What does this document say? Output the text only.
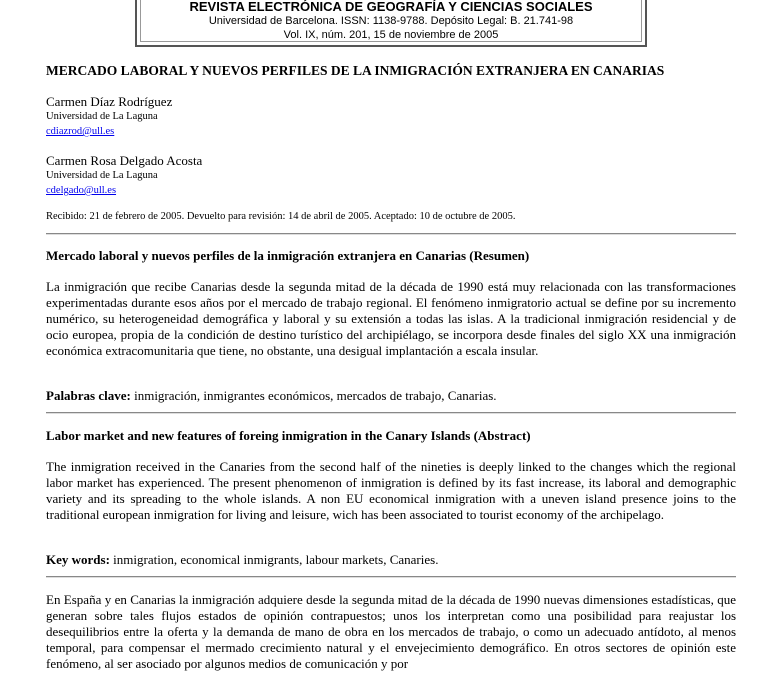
REVISTA ELECTRÓNICA DE GEOGRAFÍA Y CIENCIAS SOCIALES
Universidad de Barcelona. ISSN: 1138-9788. Depósito Legal: B. 21.741-98
Vol. IX, núm. 201, 15 de noviembre de 2005
MERCADO LABORAL Y NUEVOS PERFILES DE LA INMIGRACIÓN EXTRANJERA EN CANARIAS
Carmen Díaz Rodríguez
Universidad de La Laguna
cdiazrod@ull.es
Carmen Rosa Delgado Acosta
Universidad de La Laguna
cdelgado@ull.es
Recibido: 21 de febrero de 2005. Devuelto para revisión: 14 de abril de 2005. Aceptado: 10 de octubre de 2005.
Mercado laboral y nuevos perfiles de la inmigración extranjera en Canarias (Resumen)
La inmigración que recibe Canarias desde la segunda mitad de la década de 1990 está muy relacionada con las transformaciones experimentadas durante esos años por el mercado de trabajo regional. El fenómeno inmigratorio actual se define por su incremento numérico, su heterogeneidad demográfica y laboral y su extensión a todas las islas. A la tradicional inmigración residencial y de ocio europea, propia de la condición de destino turístico del archipiélago, se incorpora desde finales del siglo XX una inmigración económica extracomunitaria que tiene, no obstante, una desigual implantación a escala insular.
Palabras clave: inmigración, inmigrantes económicos, mercados de trabajo, Canarias.
Labor market and new features of foreing inmigration in the Canary Islands (Abstract)
The inmigration received in the Canaries from the second half of the nineties is deeply linked to the changes which the regional labor market has experienced. The present phenomenon of inmigration is defined by its fast increase, its laboral and demographic variety and its spreading to the whole islands. A non EU economical inmigration with a uneven island presence joins to the traditional european inmigration for living and leisure, wich has been associated to tourist economy of the archipelago.
Key words: inmigration, economical inmigrants, labour markets, Canaries.
En España y en Canarias la inmigración adquiere desde la segunda mitad de la década de 1990 nuevas dimensiones estadísticas, que generan sobre tales flujos estados de opinión contrapuestos; unos los interpretan como una posibilidad para reajustar los desequilibrios entre la oferta y la demanda de mano de obra en los mercados de trabajo, o como un adecuado antídoto, al menos temporal, para compensar el mermado crecimiento natural y el envejecimiento demográfico. En otros sectores de opinión este fenómeno, al ser asociado por algunos medios de comunicación y por
